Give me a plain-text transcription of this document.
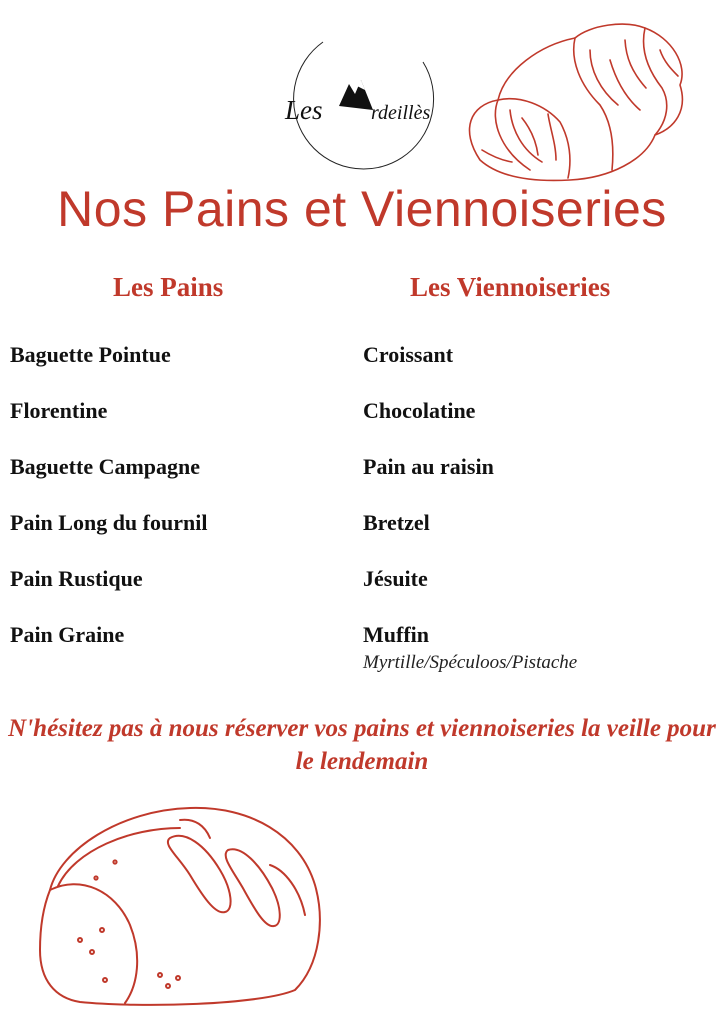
Les rdeillès
Nos Pains et Viennoiseries
Les Pains	Les Viennoiseries
Baguette Pointue
Florentine
Baguette Campagne
Pain Long du fournil
Pain Rustique
Pain Graine
Croissant
Chocolatine
Pain au raisin
Bretzel
Jésuite
Muffin
Myrtille/Spéculoos/Pistache
N'hésitez pas à nous réserver vos pains et viennoiseries la veille pour le lendemain
